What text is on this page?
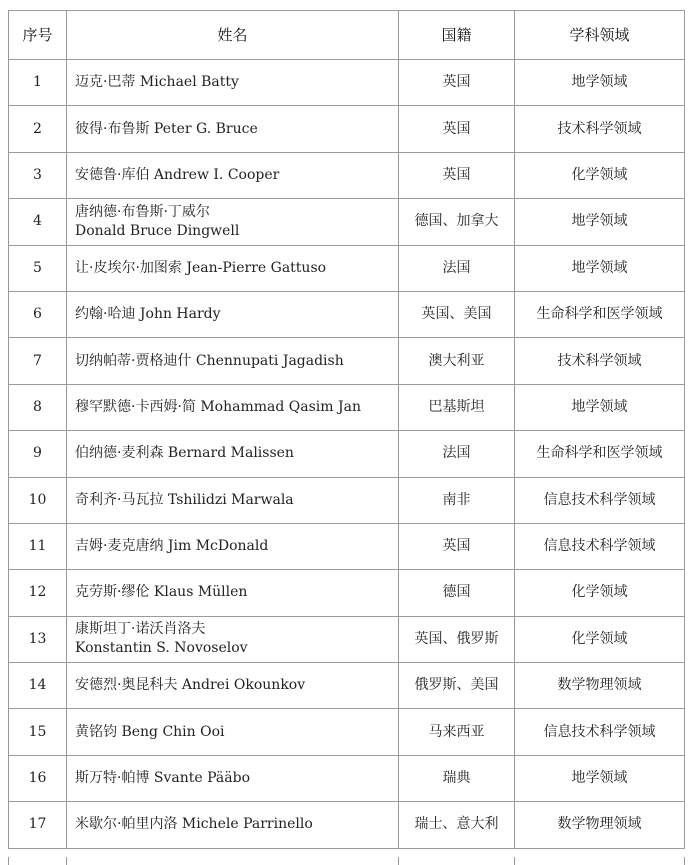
序号	姓名	国籍	学科领域
1	迈克·巴蒂 Michael Batty	英国	地学领域
2	彼得·布鲁斯 Peter G. Bruce	英国	技术科学领域
3	安德鲁·库伯 Andrew I. Cooper	英国	化学领域
4	唐纳德·布鲁斯·丁威尔
Donald Bruce Dingwell	德国、加拿大	地学领域
5	让·皮埃尔·加图索 Jean-Pierre Gattuso	法国	地学领域
6	约翰·哈迪 John Hardy	英国、美国	生命科学和医学领域
7	切纳帕蒂·贾格迪什 Chennupati Jagadish	澳大利亚	技术科学领域
8	穆罕默德·卡西姆·简 Mohammad Qasim Jan	巴基斯坦	地学领域
9	伯纳德·麦利森 Bernard Malissen	法国	生命科学和医学领域
10	奇利齐·马瓦拉 Tshilidzi Marwala	南非	信息技术科学领域
11	吉姆·麦克唐纳 Jim McDonald	英国	信息技术科学领域
12	克劳斯·缪伦 Klaus Müllen	德国	化学领域
13	康斯坦丁·诺沃肖洛夫
Konstantin S. Novoselov	英国、俄罗斯	化学领域
14	安德烈·奥昆科夫 Andrei Okounkov	俄罗斯、美国	数学物理领域
15	黄铭钧 Beng Chin Ooi	马来西亚	信息技术科学领域
16	斯万特·帕博 Svante Pääbo	瑞典	地学领域
17	米歇尔·帕里内洛 Michele Parrinello	瑞士、意大利	数学物理领域
